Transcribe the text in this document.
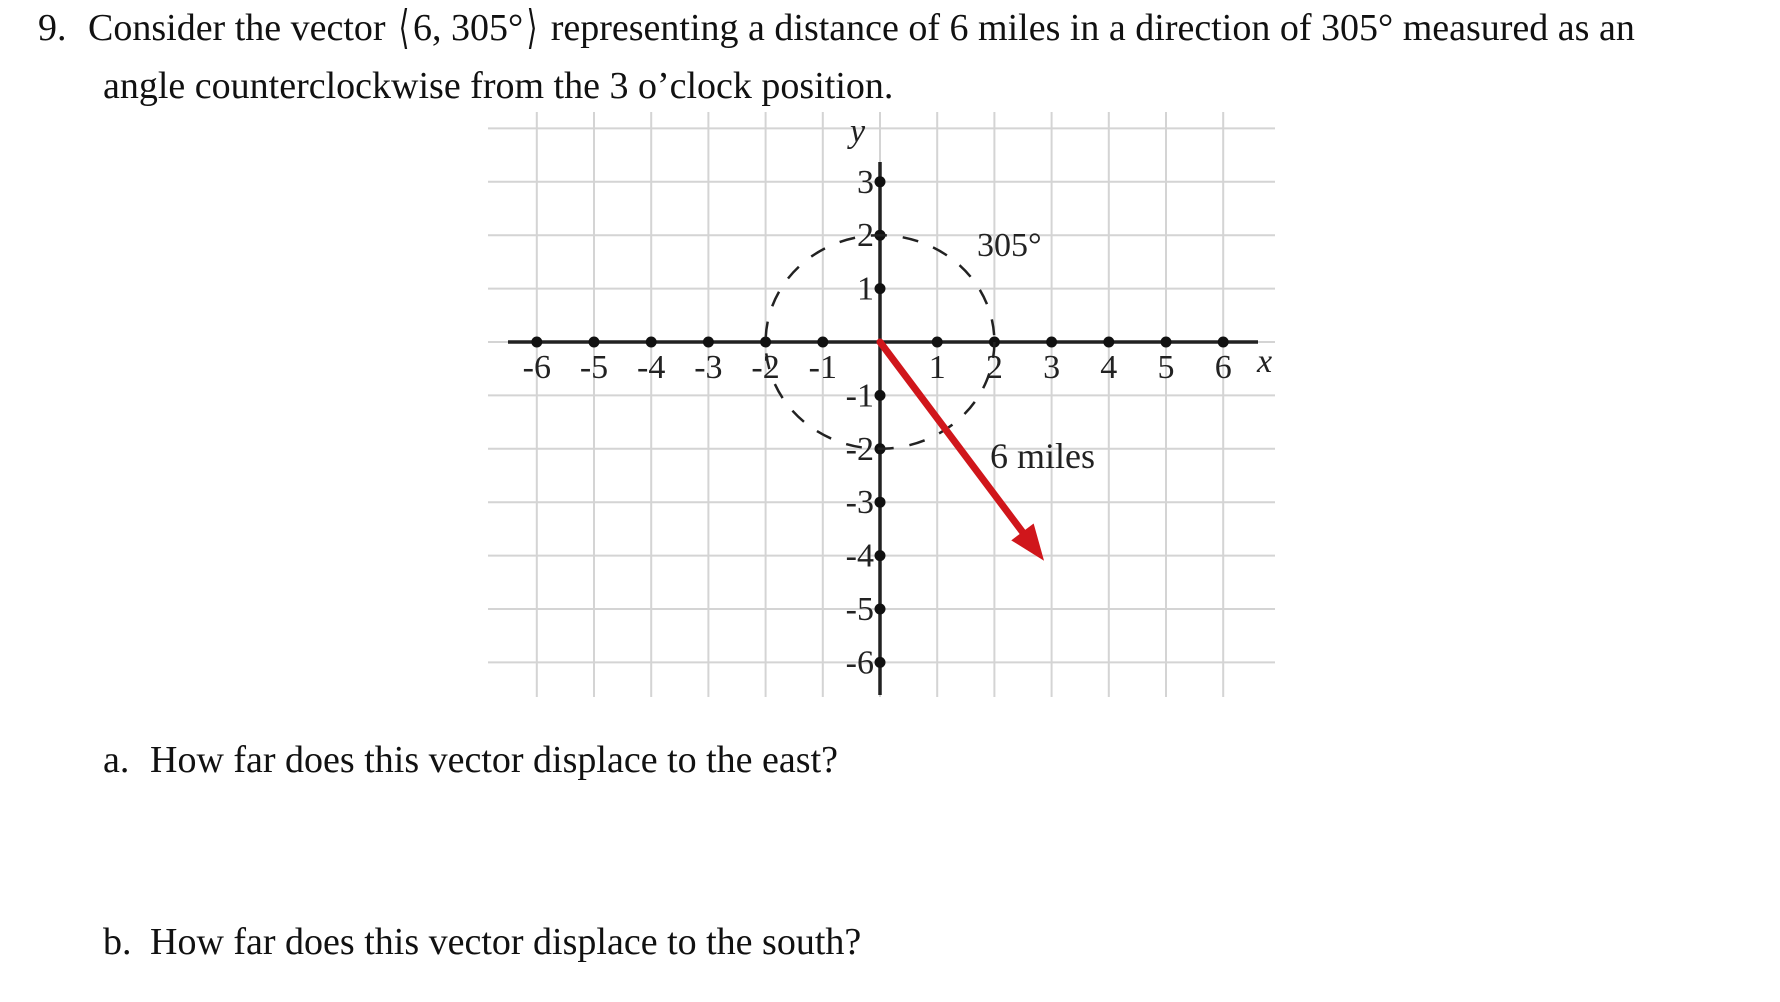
9. Consider the vector ⟨6, 305°⟩ representing a distance of 6 miles in a direction of 305° measured as an
angle counterclockwise from the 3 o’clock position.
-6 -5 -4 -3 -2 -1	1 2 3 4 5 6
3
2
1
-1
-2
-3
-4
-5
-6
x
y
305°
6 miles
a. How far does this vector displace to the east?
b. How far does this vector displace to the south?
